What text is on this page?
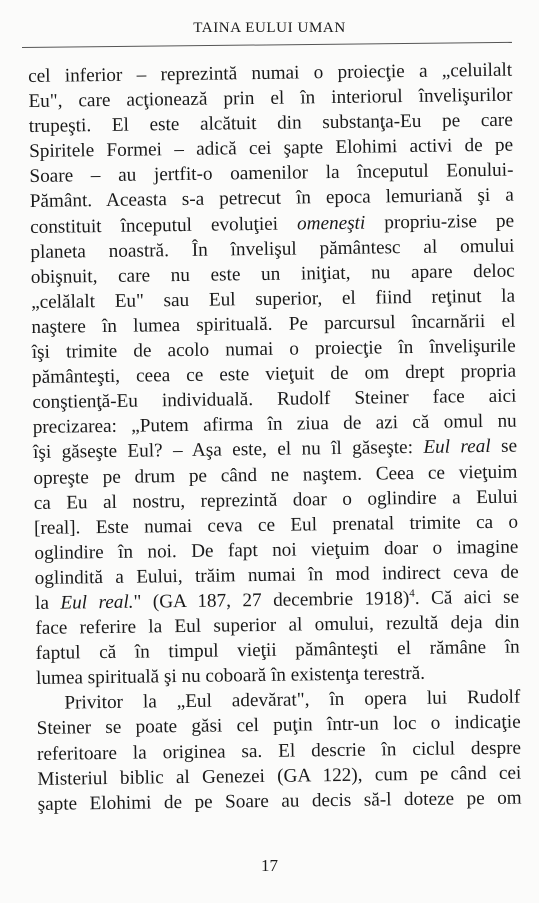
TAINA EULUI UMAN
cel inferior – reprezintă numai o proiecţie a „celuilalt
Eu", care acţionează prin el în interiorul învelişurilor
trupeşti. El este alcătuit din substanţa-Eu pe care
Spiritele Formei – adică cei şapte Elohimi activi de pe
Soare – au jertfit-o oamenilor la începutul Eonului-
Pământ. Aceasta s-a petrecut în epoca lemuriană şi a
constituit începutul evoluţiei omeneşti propriu-zise pe
planeta noastră. În învelişul pământesc al omului
obişnuit, care nu este un iniţiat, nu apare deloc
„celălalt Eu" sau Eul superior, el fiind reţinut la
naştere în lumea spirituală. Pe parcursul încarnării el
îşi trimite de acolo numai o proiecţie în învelişurile
pământeşti, ceea ce este vieţuit de om drept propria
conştienţă-Eu individuală. Rudolf Steiner face aici
precizarea: „Putem afirma în ziua de azi că omul nu
îşi găseşte Eul? – Aşa este, el nu îl găseşte: Eul real se
opreşte pe drum pe când ne naştem. Ceea ce vieţuim
ca Eu al nostru, reprezintă doar o oglindire a Eului
[real]. Este numai ceva ce Eul prenatal trimite ca o
oglindire în noi. De fapt noi vieţuim doar o imagine
oglindită a Eului, trăim numai în mod indirect ceva de
la Eul real." (GA 187, 27 decembrie 1918)$^4$. Că aici se
face referire la Eul superior al omului, rezultă deja din
faptul că în timpul vieţii pământeşti el rămâne în
lumea spirituală şi nu coboară în existenţa terestră.
Privitor la „Eul adevărat", în opera lui Rudolf
Steiner se poate găsi cel puţin într-un loc o indicaţie
referitoare la originea sa. El descrie în ciclul despre
Misteriul biblic al Genezei (GA 122), cum pe când cei
şapte Elohimi de pe Soare au decis să-l doteze pe om
17
